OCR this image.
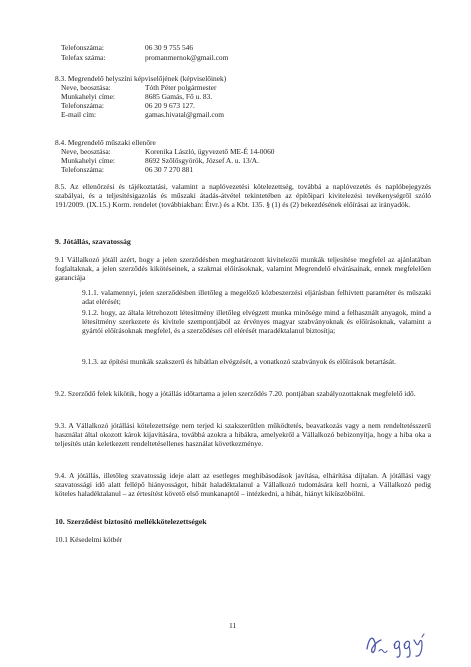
Telefonszáma:	06 30 9 755 546
Telefax száma:	promanmernok@gmail.com
8.3. Megrendelő helyszíni képviselőjének (képviselőinek)
Neve, beosztása:	Tóth Péter polgármester
Munkahelyi címe:	8685 Gamás, Fő u. 83.
Telefonszáma:	06 20 9 673 127.
E-mail cím:	gamas.hivatal@gmail.com
8.4. Megrendelő műszaki ellenőre
Neve, beosztása:	Korenika László, ügyvezető ME-É 14-0060
Munkahelyi címe:	8692 Szőlősgyörök, József A. u. 13/A.
Telefonszáma:	06 30 7 270 881
8.5. Az ellenőrzési és tájékoztatási, valamint a naplóvezetési kötelezettség, továbbá a naplóvezetés és naplóbejegyzés szabályai, és a teljesítésigazolás és műszaki átadás-átvétel tekintetében az építőipari kivitelezési tevékenységről szóló 191/2009. (IX.15.) Korm. rendelet (továbbiakban: Étvr.) és a Kbt. 135. § (1) és (2) bekezdésének előírásai az irányadók.
9. Jótállás, szavatosság
9.1 Vállalkozó jótáll azért, hogy a jelen szerződésben meghatározott kivitelezői munkák teljesítése megfelel az ajánlatában foglaltaknak, a jelen szerződés kikötéseinek, a szakmai előírásoknak, valamint Megrendelő elvárásainak, ennek megfelelően garanciája
9.1.1. valamennyi, jelen szerződésben illetőleg a megelőző közbeszerzési eljárásban felhívtett paraméter és műszaki adat elérését;
9.1.2. hogy, az általa létrehozott létesítmény illetőleg elvégzett munka minősége mind a felhasznált anyagok, mind a létesítmény szerkezete és kivitele szempontjából az érvényes magyar szabványoknak és előírásoknak, valamint a gyártói előírásoknak megfelel, és a szerződéses cél elérését maradéktalanul biztosítja;
9.1.3. az építési munkák szakszerű és hibátlan elvégzését, a vonatkozó szabványok és előírások betartását.
9.2. Szerződő felek kikötik, hogy a jótállás időtartama a jelen szerződés 7.20. pontjában szabályozottaknak megfelelő idő.
9.3. A Vállalkozó jótállási kötelezettsége nem terjed ki szakszerűtlen működtetés, beavatkozás vagy a nem rendeltetésszerű használat által okozott károk kijavítására, továbbá azokra a hibákra, amelyekről a Vállalkozó bebizonyítja, hogy a hiba oka a teljesítés után keletkezett rendeltetésellenes használat következménye.
9.4. A jótállás, illetőleg szavatosság ideje alatt az esetleges meghibásodások javítása, elhárítása díjtalan. A jótállási vagy szavatossági idő alatt fellépő hiányosságot, hibát haladéktalanul a Vállalkozó tudomására kell hozni, a Vállalkozó pedig köteles haladéktalanul – az értesítést követő első munkanaptól – intézkedni, a hibát, hiányt kiküszöbölni.
10. Szerződést biztosító mellékkötelezettségek
10.1 Késedelmi kötbér
11
